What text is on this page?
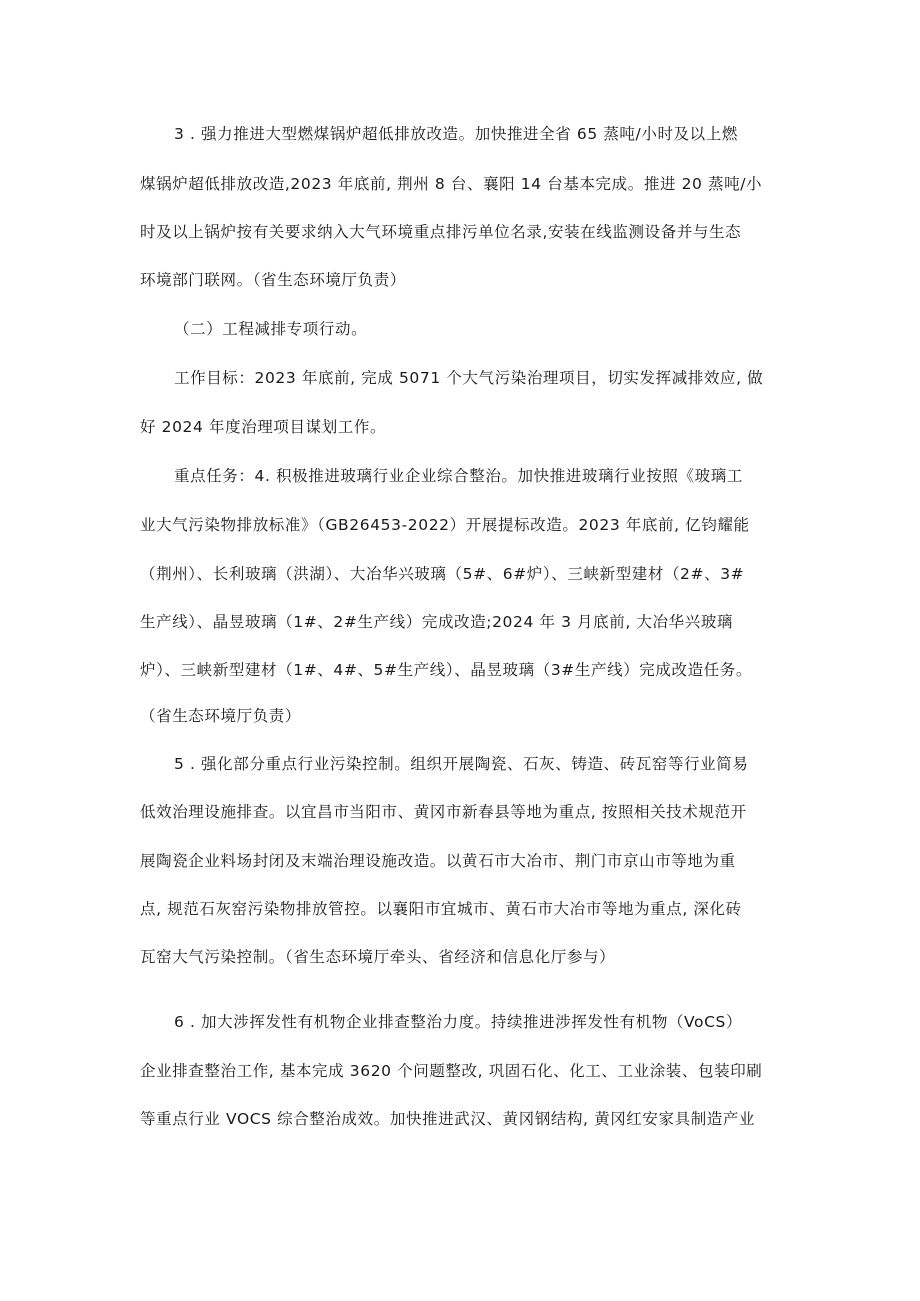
3 . 强力推进大型燃煤锅炉超低排放改造。加快推进全省 65 蒸吨/小时及以上燃
煤锅炉超低排放改造,2023 年底前, 荆州 8 台、襄阳 14 台基本完成。推进 20 蒸吨/小
时及以上锅炉按有关要求纳入大气环境重点排污单位名录,安装在线监测设备并与生态
环境部门联网。（省生态环境厅负责）
（二）工程减排专项行动。
工作目标：2023 年底前, 完成 5071 个大气污染治理项目，切实发挥减排效应, 做
好 2024 年度治理项目谋划工作。
重点任务：4. 积极推进玻璃行业企业综合整治。加快推进玻璃行业按照《玻璃工
业大气污染物排放标准》（GB26453-2022）开展提标改造。2023 年底前, 亿钧耀能
（荆州）、长利玻璃（洪湖）、大冶华兴玻璃（5#、6#炉）、三峡新型建材（2#、3#
生产线）、晶昱玻璃（1#、2#生产线）完成改造;2024 年 3 月底前, 大冶华兴玻璃
炉）、三峡新型建材（1#、4#、5#生产线）、晶昱玻璃（3#生产线）完成改造任务。
（省生态环境厅负责）
5 . 强化部分重点行业污染控制。组织开展陶瓷、石灰、铸造、砖瓦窑等行业简易
低效治理设施排查。以宜昌市当阳市、黄冈市新春县等地为重点, 按照相关技术规范开
展陶瓷企业料场封闭及末端治理设施改造。以黄石市大冶市、荆门市京山市等地为重
点, 规范石灰窑污染物排放管控。以襄阳市宜城市、黄石市大冶市等地为重点, 深化砖
瓦窑大气污染控制。（省生态环境厅牵头、省经济和信息化厅参与）
6 . 加大涉挥发性有机物企业排查整治力度。持续推进涉挥发性有机物（VoCS）
企业排查整治工作, 基本完成 3620 个问题整改, 巩固石化、化工、工业涂装、包装印刷
等重点行业 VOCS 综合整治成效。加快推进武汉、黄冈钢结构, 黄冈红安家具制造产业
